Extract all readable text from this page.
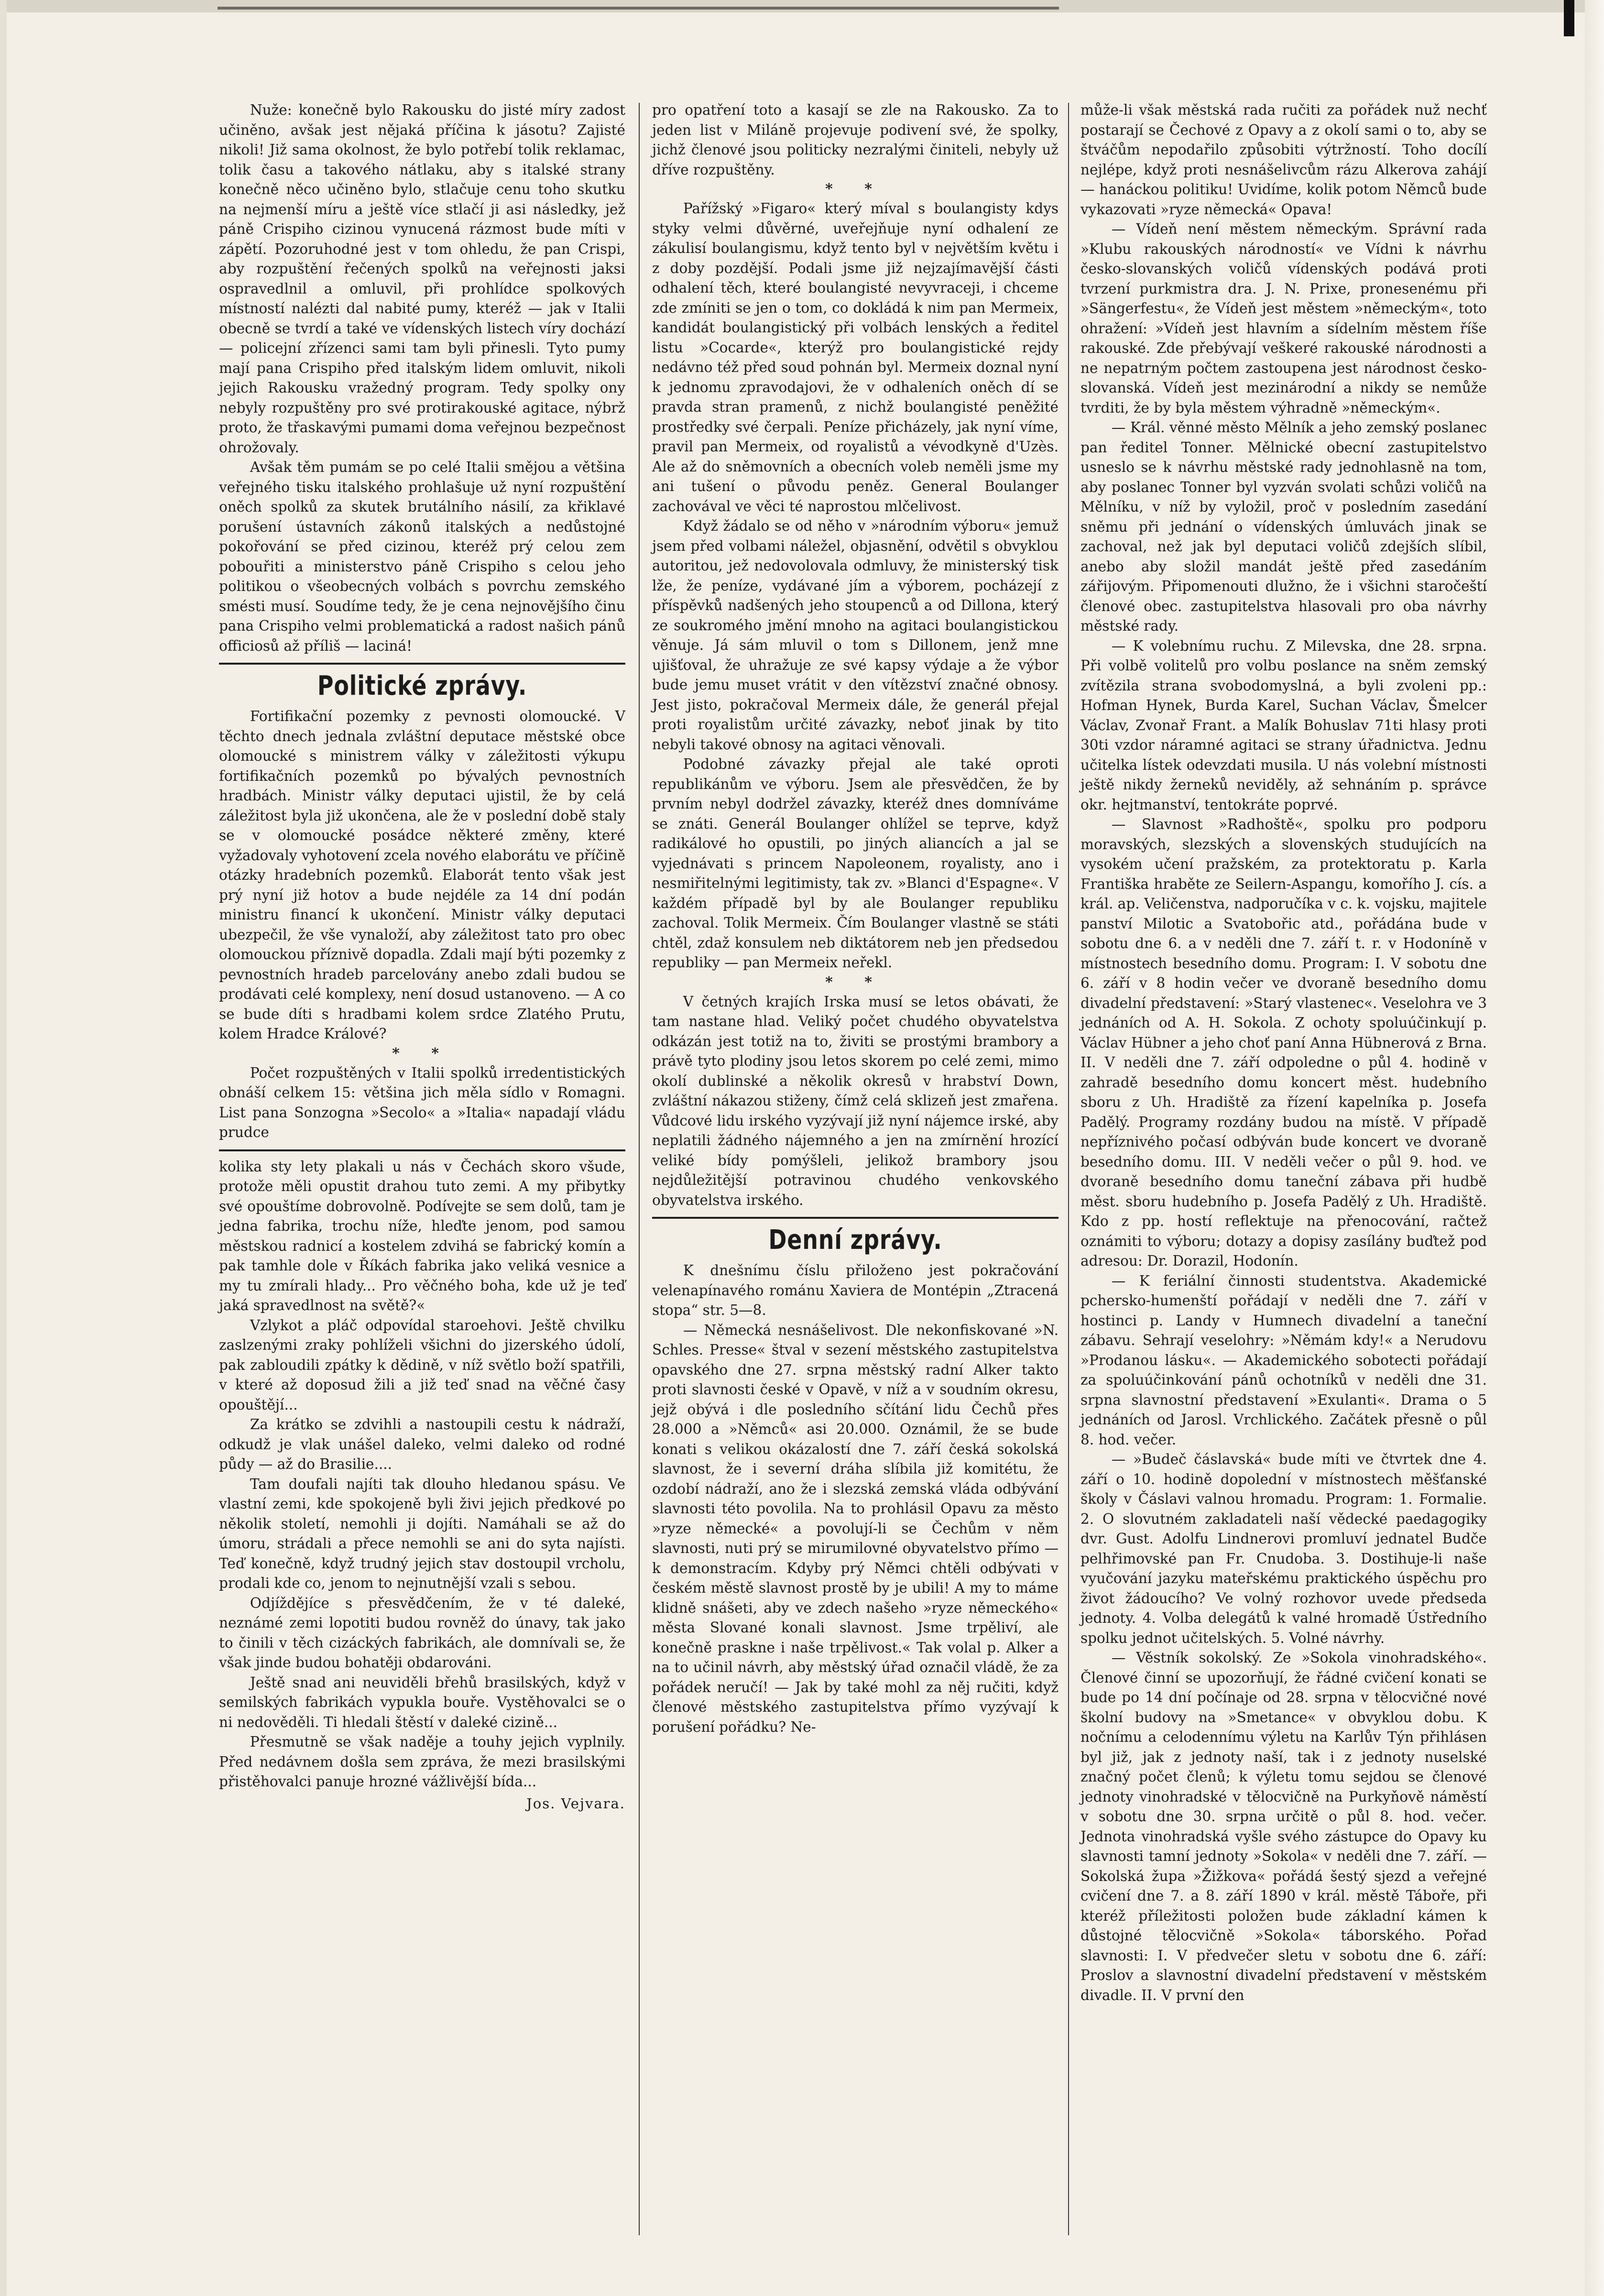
Nuže: konečně bylo Rakousku do jisté míry zadost učiněno, avšak jest nějaká příčina k jásotu? Zajisté nikoli! Již sama okolnost, že bylo potřebí tolik reklamac, tolik času a takového nátlaku, aby s italské strany konečně něco učiněno bylo, stlačuje cenu toho skutku na nejmenší míru a ještě více stlačí ji asi následky, jež páně Crispiho cizinou vynucená rázmost bude míti v zápětí. Pozoruhodné jest v tom ohledu, že pan Crispi, aby rozpuštění řečených spolků na veřejnosti jaksi ospravedlnil a omluvil, při prohlídce spolkových místností nalézti dal nabité pumy, kteréž — jak v Italii obecně se tvrdí a také ve vídenských listech víry dochází — policejní zřízenci sami tam byli přinesli. Tyto pumy mají pana Crispiho před italským lidem omluvit, nikoli jejich Rakousku vražedný program. Tedy spolky ony nebyly rozpuštěny pro své protirakouské agitace, nýbrž proto, že třaskavými pumami doma veřejnou bezpečnost ohrožovaly.

Avšak těm pumám se po celé Italii smějou a většina veřejného tisku italského prohlašuje už nyní rozpuštění oněch spolků za skutek brutálního násilí, za křiklavé porušení ústavních zákonů italských a nedůstojné pokořování se před cizinou, kteréž prý celou zem pobouřiti a ministerstvo páně Crispiho s celou jeho politikou o všeobecných volbách s povrchu zemského smésti musí. Soudíme tedy, že je cena nejnovějšího činu pana Crispiho velmi problematická a radost našich pánů officiosů až příliš — laciná!

Politické zprávy.

Fortifikační pozemky z pevnosti olomoucké. V těchto dnech jednala zvláštní deputace městské obce olomoucké s ministrem války v záležitosti výkupu fortifikačních pozemků po bývalých pevnostních hradbách. Ministr války deputaci ujistil, že by celá záležitost byla již ukončena, ale že v poslední době staly se v olomoucké posádce některé změny, které vyžadovaly vyhotovení zcela nového elaborátu ve příčině otázky hradebních pozemků. Elaborát tento však jest prý nyní již hotov a bude nejdéle za 14 dní podán ministru financí k ukončení. Ministr války deputaci ubezpečil, že vše vynaloží, aby záležitost tato pro obec olomouckou příznivě dopadla. Zdali mají býti pozemky z pevnostních hradeb parcelovány anebo zdali budou se prodávati celé komplexy, není dosud ustanoveno. — A co se bude díti s hradbami kolem srdce Zlatého Prutu, kolem Hradce Králové?

* *

Počet rozpuštěných v Italii spolků irredentistických obnáší celkem 15: většina jich měla sídlo v Romagni. List pana Sonzogna »Secolo« a »Italia« napadají vládu prudce

kolika sty lety plakali u nás v Čechách skoro všude, protože měli opustit drahou tuto zemi. A my přibytky své opouštíme dobrovolně. Podívejte se sem dolů, tam je jedna fabrika, trochu níže, hleďte jenom, pod samou městskou radnicí a kostelem zdvihá se fabrický komín a pak tamhle dole v Říkách fabrika jako veliká vesnice a my tu zmírali hlady... Pro věčného boha, kde už je teď jaká spravedlnost na světě?«

Vzlykot a pláč odpovídal staroehovi. Ještě chvilku zaslzenými zraky pohlíželi všichni do jizerského údolí, pak zabloudili zpátky k dědině, v níž světlo boží spatřili, v které až doposud žili a již teď snad na věčné časy opouštějí...

Za krátko se zdvihli a nastoupili cestu k nádraží, odkudž je vlak unášel daleko, velmi daleko od rodné půdy — až do Brasilie....

Tam doufali najíti tak dlouho hledanou spásu. Ve vlastní zemi, kde spokojeně byli živi jejich předkové po několik století, nemohli ji dojíti. Namáhali se až do úmoru, strádali a přece nemohli se ani do syta najísti. Teď konečně, když trudný jejich stav dostoupil vrcholu, prodali kde co, jenom to nejnutnější vzali s sebou.

Odjíždějíce s přesvědčením, že v té daleké, neznámé zemi lopotiti budou rovněž do únavy, tak jako to činili v těch cizáckých fabrikách, ale domnívali se, že však jinde budou bohatěji obdarováni.

Ještě snad ani neuviděli břehů brasilských, když v semilských fabrikách vypukla bouře. Vystěhovalci se o ni nedověděli. Ti hledali štěstí v daleké cizině...

Přesmutně se však naděje a touhy jejich vyplnily. Před nedávnem došla sem zpráva, že mezi brasilskými přistěhovalci panuje hrozné vážlivější bída...

Jos. Vejvara.

pro opatření toto a kasají se zle na Rakousko. Za to jeden list v Miláně projevuje podivení své, že spolky, jichž členové jsou politicky nezralými činiteli, nebyly už dříve rozpuštěny.

* *

Pařížský »Figaro« který míval s boulangisty kdys styky velmi důvěrné, uveřejňuje nyní odhalení ze zákulisí boulangismu, když tento byl v největším květu i z doby pozdější. Podali jsme již nejzajímavější části odhalení těch, které boulangisté nevyvraceji, i chceme zde zmíniti se jen o tom, co dokládá k nim pan Mermeix, kandidát boulangistický při volbách lenských a ředitel listu »Cocarde«, kterýž pro boulangistické rejdy nedávno též před soud pohnán byl. Mermeix doznal nyní k jednomu zpravodajovi, že v odhaleních oněch dí se pravda stran pramenů, z nichž boulangisté peněžité prostředky své čerpali. Peníze přicházely, jak nyní víme, pravil pan Mermeix, od royalistů a vévodkyně d'Uzès. Ale až do sněmovních a obecních voleb neměli jsme my ani tušení o původu peněz. General Boulanger zachovával ve věci té naprostou mlčelivost.

Když žádalo se od něho v »národním výboru« jemuž jsem před volbami náležel, objasnění, odvětil s obvyklou autoritou, jež nedovolovala odmluvy, že ministerský tisk lže, že peníze, vydávané jím a výborem, pocházejí z příspěvků nadšených jeho stoupenců a od Dillona, který ze soukromého jmění mnoho na agitaci boulangistickou věnuje. Já sám mluvil o tom s Dillonem, jenž mne ujišťoval, že uhražuje ze své kapsy výdaje a že výbor bude jemu muset vrátit v den vítězství značné obnosy. Jest jisto, pokračoval Mermeix dále, že generál přejal proti royalistům určité závazky, neboť jinak by tito nebyli takové obnosy na agitaci věnovali.

Podobné závazky přejal ale také oproti republikánům ve výboru. Jsem ale přesvědčen, že by prvním nebyl dodržel závazky, kteréž dnes domníváme se znáti. Generál Boulanger ohlížel se teprve, když radikálové ho opustili, po jiných aliancích a jal se vyjednávati s princem Napoleonem, royalisty, ano i nesmiřitelnými legitimisty, tak zv. »Blanci d'Espagne«. V každém případě byl by ale Boulanger republiku zachoval. Tolik Mermeix. Čím Boulanger vlastně se státi chtěl, zdaž konsulem neb diktátorem neb jen předsedou republiky — pan Mermeix neřekl.

* *

V četných krajích Irska musí se letos obávati, že tam nastane hlad. Veliký počet chudého obyvatelstva odkázán jest totiž na to, živiti se prostými brambory a právě tyto plodiny jsou letos skorem po celé zemi, mimo okolí dublinské a několik okresů v hrabství Down, zvláštní nákazou stiženy, čímž celá sklizeň jest zmařena. Vůdcové lidu irského vyzývají již nyní nájemce irské, aby neplatili žádného nájemného a jen na zmírnění hrozící veliké bídy pomýšleli, jelikož brambory jsou nejdůležitější potravinou chudého venkovského obyvatelstva irského.

Denní zprávy.

K dnešnímu číslu přiloženo jest pokračování velenapínavého románu Xaviera de Montépin „Ztracená stopa“ str. 5—8.

— Německá nesnášelivost. Dle nekonfiskované »N. Schles. Presse« štval v sezení městského zastupitelstva opavského dne 27. srpna městský radní Alker takto proti slavnosti české v Opavě, v níž a v soudním okresu, jejž obývá i dle posledního sčítání lidu Čechů přes 28.000 a »Němců« asi 20.000. Oznámil, že se bude konati s velikou okázalostí dne 7. září česká sokolská slavnost, že i severní dráha slíbila již komitétu, že ozdobí nádraží, ano že i slezská zemská vláda odbývání slavnosti této povolila. Na to prohlásil Opavu za město »ryze německé« a povolují-li se Čechům v něm slavnosti, nuti prý se mirumilovné obyvatelstvo přímo — k demonstracím. Kdyby prý Němci chtěli odbývati v českém městě slavnost prostě by je ubili! A my to máme klidně snášeti, aby ve zdech našeho »ryze německého« města Slované konali slavnost. Jsme trpěliví, ale konečně praskne i naše trpělivost.« Tak volal p. Alker a na to učinil návrh, aby městský úřad označil vládě, že za pořádek neručí! — Jak by také mohl za něj ručiti, když členové městského zastupitelstva přímo vyzývají k porušení pořádku? Ne-

může-li však městská rada ručiti za pořádek nuž nechť postarají se Čechové z Opavy a z okolí sami o to, aby se štváčům nepodařilo způsobiti výtržností. Toho docílí nejlépe, když proti nesnášelivcům rázu Alkerova zahájí — hanáckou politiku! Uvidíme, kolik potom Němců bude vykazovati »ryze německá« Opava!

— Vídeň není městem německým. Správní rada »Klubu rakouských národností« ve Vídni k návrhu česko-slovanských voličů vídenských podává proti tvrzení purkmistra dra. J. N. Prixe, pronesenému při »Sängerfestu«, že Vídeň jest městem »německým«, toto ohražení: »Vídeň jest hlavním a sídelním městem říše rakouské. Zde přebývají veškeré rakouské národnosti a ne nepatrným počtem zastoupena jest národnost česko-slovanská. Vídeň jest mezinárodní a nikdy se nemůže tvrditi, že by byla městem výhradně »německým«.

— Král. věnné město Mělník a jeho zemský poslanec pan ředitel Tonner. Mělnické obecní zastupitelstvo usneslo se k návrhu městské rady jednohlasně na tom, aby poslanec Tonner byl vyzván svolati schůzi voličů na Mělníku, v níž by vyložil, proč v posledním zasedání sněmu při jednání o vídenských úmluvách jinak se zachoval, než jak byl deputaci voličů zdejších slíbil, anebo aby složil mandát ještě před zasedáním zářijovým. Připomenouti dlužno, že i všichni staročeští členové obec. zastupitelstva hlasovali pro oba návrhy městské rady.

— K volebnímu ruchu. Z Milevska, dne 28. srpna. Při volbě volitelů pro volbu poslance na sněm zemský zvítězila strana svobodomyslná, a byli zvoleni pp.: Hofman Hynek, Burda Karel, Suchan Václav, Šmelcer Václav, Zvonař Frant. a Malík Bohuslav 71ti hlasy proti 30ti vzdor náramné agitaci se strany úřadnictva. Jednu učitelka lístek odevzdati musila. U nás volební místnosti ještě nikdy žerneků neviděly, až sehnáním p. správce okr. hejtmanství, tentokráte poprvé.

— Slavnost »Radhoště«, spolku pro podporu moravských, slezských a slovenských studujících na vysokém učení pražském, za protektoratu p. Karla Františka hraběte ze Seilern-Aspangu, komořího J. cís. a král. ap. Veličenstva, nadporučíka v c. k. vojsku, majitele panství Milotic a Svatobořic atd., pořádána bude v sobotu dne 6. a v neděli dne 7. září t. r. v Hodoníně v místnostech besedního domu. Program: I. V sobotu dne 6. září v 8 hodin večer ve dvoraně besedního domu divadelní představení: »Starý vlastenec«. Veselohra ve 3 jednáních od A. H. Sokola. Z ochoty spoluúčinkují p. Václav Hübner a jeho choť paní Anna Hübnerová z Brna. II. V neděli dne 7. září odpoledne o půl 4. hodině v zahradě besedního domu koncert měst. hudebního sboru z Uh. Hradiště za řízení kapelníka p. Josefa Padělý. Programy rozdány budou na místě. V případě nepříznivého počasí odbýván bude koncert ve dvoraně besedního domu. III. V neděli večer o půl 9. hod. ve dvoraně besedního domu taneční zábava při hudbě měst. sboru hudebního p. Josefa Padělý z Uh. Hradiště. Kdo z pp. hostí reflektuje na přenocování, račtež oznámiti to výboru; dotazy a dopisy zasílány buďtež pod adresou: Dr. Dorazil, Hodonín.

— K feriální činnosti studentstva. Akademické pchersko-humenští pořádají v neděli dne 7. září v hostinci p. Landy v Humnech divadelní a taneční zábavu. Sehrají veselohry: »Němám kdy!« a Nerudovu »Prodanou lásku«. — Akademického sobotecti pořádají za spoluúčinkování pánů ochotníků v neděli dne 31. srpna slavnostní představení »Exulanti«. Drama o 5 jednáních od Jarosl. Vrchlického. Začátek přesně o půl 8. hod. večer.

— »Budeč čáslavská« bude míti ve čtvrtek dne 4. září o 10. hodině dopolední v místnostech měšťanské školy v Čáslavi valnou hromadu. Program: 1. Formalie. 2. O slovutném zakladateli naší vědecké paedagogiky dvr. Gust. Adolfu Lindnerovi promluví jednatel Budče pelhřimovské pan Fr. Cnudoba. 3. Dostihuje-li naše vyučování jazyku mateřskému praktického úspěchu pro život žádoucího? Ve volný rozhovor uvede předseda jednoty. 4. Volba delegátů k valné hromadě Ústředního spolku jednot učitelských. 5. Volné návrhy.

— Věstník sokolský. Ze »Sokola vinohradského«. Členové činní se upozorňují, že řádné cvičení konati se bude po 14 dní počínaje od 28. srpna v tělocvičné nové školní budovy na »Smetance« v obvyklou dobu. K nočnímu a celodennímu výletu na Karlův Týn přihlásen byl již, jak z jednoty naší, tak i z jednoty nuselské značný počet členů; k výletu tomu sejdou se členové jednoty vinohradské v tělocvičně na Purkyňově náměstí v sobotu dne 30. srpna určitě o půl 8. hod. večer. Jednota vinohradská vyšle svého zástupce do Opavy ku slavnosti tamní jednoty »Sokola« v neděli dne 7. září. — Sokolská župa »Žižkova« pořádá šestý sjezd a veřejné cvičení dne 7. a 8. září 1890 v král. městě Táboře, při kteréž příležitosti položen bude základní kámen k důstojné tělocvičně »Sokola« táborského. Pořad slavnosti: I. V předvečer sletu v sobotu dne 6. září: Proslov a slavnostní divadelní představení v městském divadle. II. V první den
